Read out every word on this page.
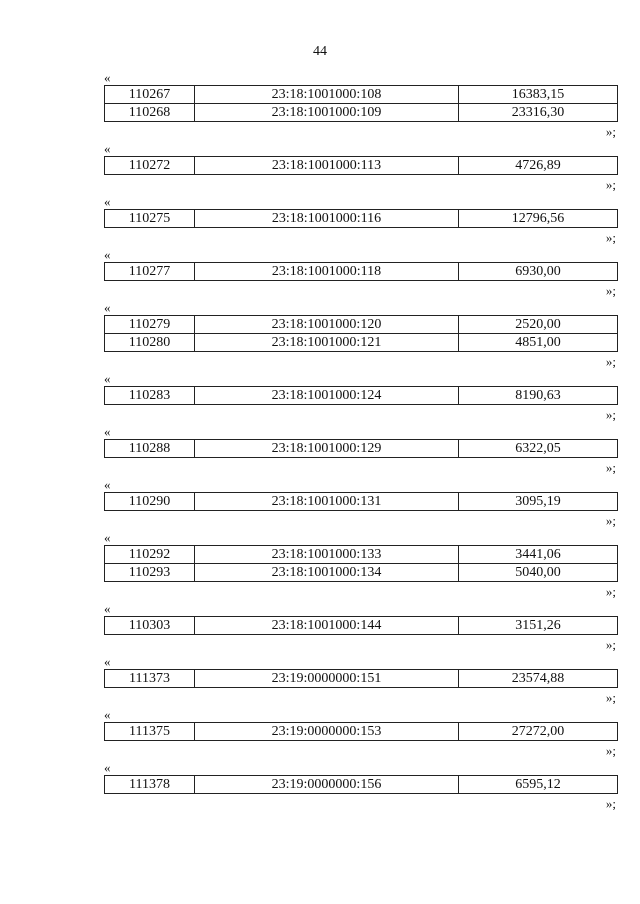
44
«
110267	23:18:1001000:108	16383,15
110268	23:18:1001000:109	23316,30
»;
«
110272	23:18:1001000:113	4726,89
»;
«
110275	23:18:1001000:116	12796,56
»;
«
110277	23:18:1001000:118	6930,00
»;
«
110279	23:18:1001000:120	2520,00
110280	23:18:1001000:121	4851,00
»;
«
110283	23:18:1001000:124	8190,63
»;
«
110288	23:18:1001000:129	6322,05
»;
«
110290	23:18:1001000:131	3095,19
»;
«
110292	23:18:1001000:133	3441,06
110293	23:18:1001000:134	5040,00
»;
«
110303	23:18:1001000:144	3151,26
»;
«
111373	23:19:0000000:151	23574,88
»;
«
111375	23:19:0000000:153	27272,00
»;
«
111378	23:19:0000000:156	6595,12
»;
